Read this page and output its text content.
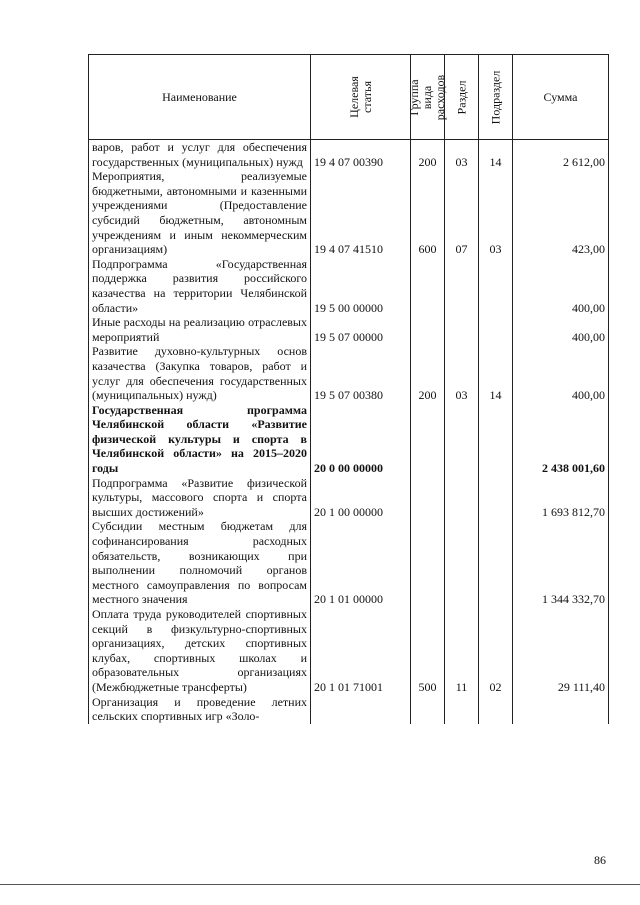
Наименование	Целевая статья	Группа вида расходов	Раздел	Подраздел	Сумма
варов, работ и услуг для обеспечения государственных (муниципальных) нужд	19 4 07 00390	200	03	14	2 612,00
Мероприятия, реализуемые бюджетными, автономными и казенными учреждениями (Предоставление субсидий бюджетным, автономным учреждениям и иным некоммерческим организациям)	19 4 07 41510	600	07	03	423,00
Подпрограмма «Государственная поддержка развития российского казачества на территории Челябинской области»	19 5 00 00000				400,00
Иные расходы на реализацию отраслевых мероприятий	19 5 07 00000				400,00
Развитие духовно-культурных основ казачества (Закупка товаров, работ и услуг для обеспечения государственных (муниципальных) нужд)	19 5 07 00380	200	03	14	400,00
Государственная программа Челябинской области «Развитие физической культуры и спорта в Челябинской области» на 2015–2020 годы	20 0 00 00000				2 438 001,60
Подпрограмма «Развитие физической культуры, массового спорта и спорта высших достижений»	20 1 00 00000				1 693 812,70
Субсидии местным бюджетам для софинансирования расходных обязательств, возникающих при выполнении полномочий органов местного самоуправления по вопросам местного значения	20 1 01 00000				1 344 332,70
Оплата труда руководителей спортивных секций в физкультурно-спортивных организациях, детских спортивных клубах, спортивных школах и образовательных организациях (Межбюджетные трансферты)	20 1 01 71001	500	11	02	29 111,40
Организация и проведение летних сельских спортивных игр «Золо-					
86
